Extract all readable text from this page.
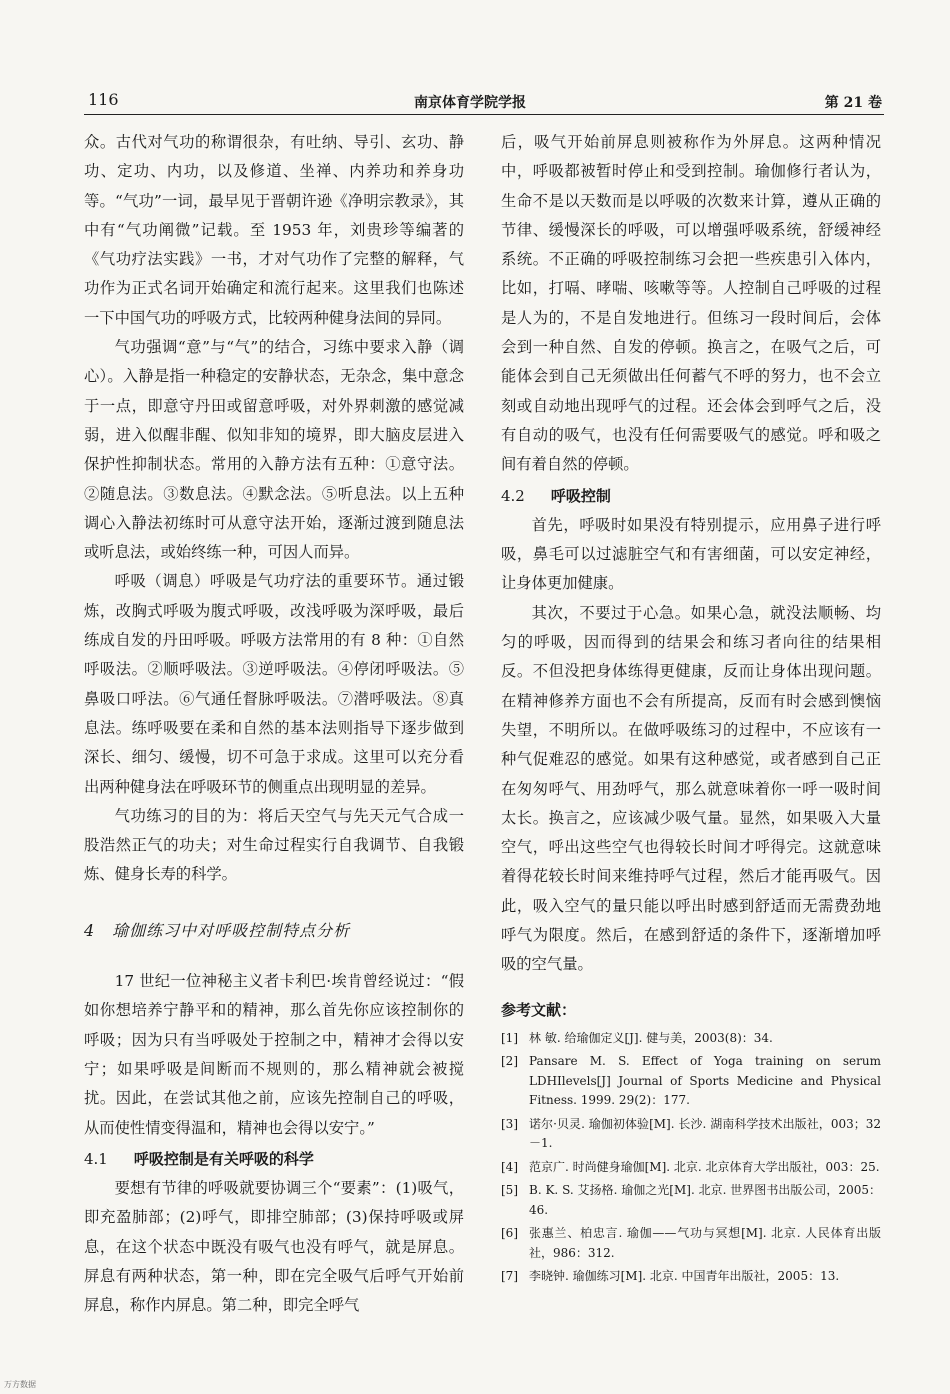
116	南京体育学院学报	第 21 卷

众。古代对气功的称谓很杂，有吐纳、导引、玄功、静功、定功、内功，以及修道、坐禅、内养功和养身功等。“气功”一词，最早见于晋朝许逊《净明宗教录》，其中有“气功阐微”记载。至 1953 年，刘贵珍等编著的《气功疗法实践》一书，才对气功作了完整的解释，气功作为正式名词开始确定和流行起来。这里我们也陈述一下中国气功的呼吸方式，比较两种健身法间的异同。

气功强调“意”与“气”的结合，习练中要求入静（调心）。入静是指一种稳定的安静状态，无杂念，集中意念于一点，即意守丹田或留意呼吸，对外界刺激的感觉减弱，进入似醒非醒、似知非知的境界，即大脑皮层进入保护性抑制状态。常用的入静方法有五种：①意守法。②随息法。③数息法。④默念法。⑤听息法。以上五种调心入静法初练时可从意守法开始，逐渐过渡到随息法或听息法，或始终练一种，可因人而异。

呼吸（调息）呼吸是气功疗法的重要环节。通过锻炼，改胸式呼吸为腹式呼吸，改浅呼吸为深呼吸，最后练成自发的丹田呼吸。呼吸方法常用的有 8 种：①自然呼吸法。②顺呼吸法。③逆呼吸法。④停闭呼吸法。⑤鼻吸口呼法。⑥气通任督脉呼吸法。⑦潜呼吸法。⑧真息法。练呼吸要在柔和自然的基本法则指导下逐步做到深长、细匀、缓慢，切不可急于求成。这里可以充分看出两种健身法在呼吸环节的侧重点出现明显的差异。

气功练习的目的为：将后天空气与先天元气合成一股浩然正气的功夫；对生命过程实行自我调节、自我锻炼、健身长寿的科学。

4　瑜伽练习中对呼吸控制特点分析

17 世纪一位神秘主义者卡利巴·埃肯曾经说过：“假如你想培养宁静平和的精神，那么首先你应该控制你的呼吸；因为只有当呼吸处于控制之中，精神才会得以安宁；如果呼吸是间断而不规则的，那么精神就会被搅扰。因此，在尝试其他之前，应该先控制自己的呼吸，从而使性情变得温和，精神也会得以安宁。”

4.1 呼吸控制是有关呼吸的科学

要想有节律的呼吸就要协调三个“要素”：(1)吸气，即充盈肺部；(2)呼气，即排空肺部；(3)保持呼吸或屏息，在这个状态中既没有吸气也没有呼气，就是屏息。屏息有两种状态，第一种，即在完全吸气后呼气开始前屏息，称作内屏息。第二种，即完全呼气

后，吸气开始前屏息则被称作为外屏息。这两种情况中，呼吸都被暂时停止和受到控制。瑜伽修行者认为，生命不是以天数而是以呼吸的次数来计算，遵从正确的节律、缓慢深长的呼吸，可以增强呼吸系统，舒缓神经系统。不正确的呼吸控制练习会把一些疾患引入体内，比如，打嗝、哮喘、咳嗽等等。人控制自己呼吸的过程是人为的，不是自发地进行。但练习一段时间后，会体会到一种自然、自发的停顿。换言之，在吸气之后，可能体会到自己无须做出任何蓄气不呼的努力，也不会立刻或自动地出现呼气的过程。还会体会到呼气之后，没有自动的吸气，也没有任何需要吸气的感觉。呼和吸之间有着自然的停顿。

4.2 呼吸控制

首先，呼吸时如果没有特别提示，应用鼻子进行呼吸，鼻毛可以过滤脏空气和有害细菌，可以安定神经，让身体更加健康。

其次，不要过于心急。如果心急，就没法顺畅、均匀的呼吸，因而得到的结果会和练习者向往的结果相反。不但没把身体练得更健康，反而让身体出现问题。在精神修养方面也不会有所提高，反而有时会感到懊恼失望，不明所以。在做呼吸练习的过程中，不应该有一种气促难忍的感觉。如果有这种感觉，或者感到自己正在匆匆呼气、用劲呼气，那么就意味着你一呼一吸时间太长。换言之，应该减少吸气量。显然，如果吸入大量空气，呼出这些空气也得较长时间才呼得完。这就意味着得花较长时间来维持呼气过程，然后才能再吸气。因此，吸入空气的量只能以呼出时感到舒适而无需费劲地呼气为限度。然后，在感到舒适的条件下，逐渐增加呼吸的空气量。

参考文献：
[1] 林 敏. 给瑜伽定义[J]. 健与美，2003(8)：34.
[2] Pansare M. S. Effect of Yoga training on serum LDHIlevels[J] Journal of Sports Medicine and Physical Fitness. 1999. 29(2)：177.
[3] 诺尔·贝灵. 瑜伽初体验[M]. 长沙. 湖南科学技术出版社，003；32－1.
[4] 范京广. 时尚健身瑜伽[M]. 北京. 北京体育大学出版社，003：25.
[5] B. K. S. 艾扬格. 瑜伽之光[M]. 北京. 世界图书出版公司，2005：46.
[6] 张惠兰、柏忠言. 瑜伽——气功与冥想[M]. 北京. 人民体育出版社，986：312.
[7] 李晓钟. 瑜伽练习[M]. 北京. 中国青年出版社，2005：13.
万方数据
